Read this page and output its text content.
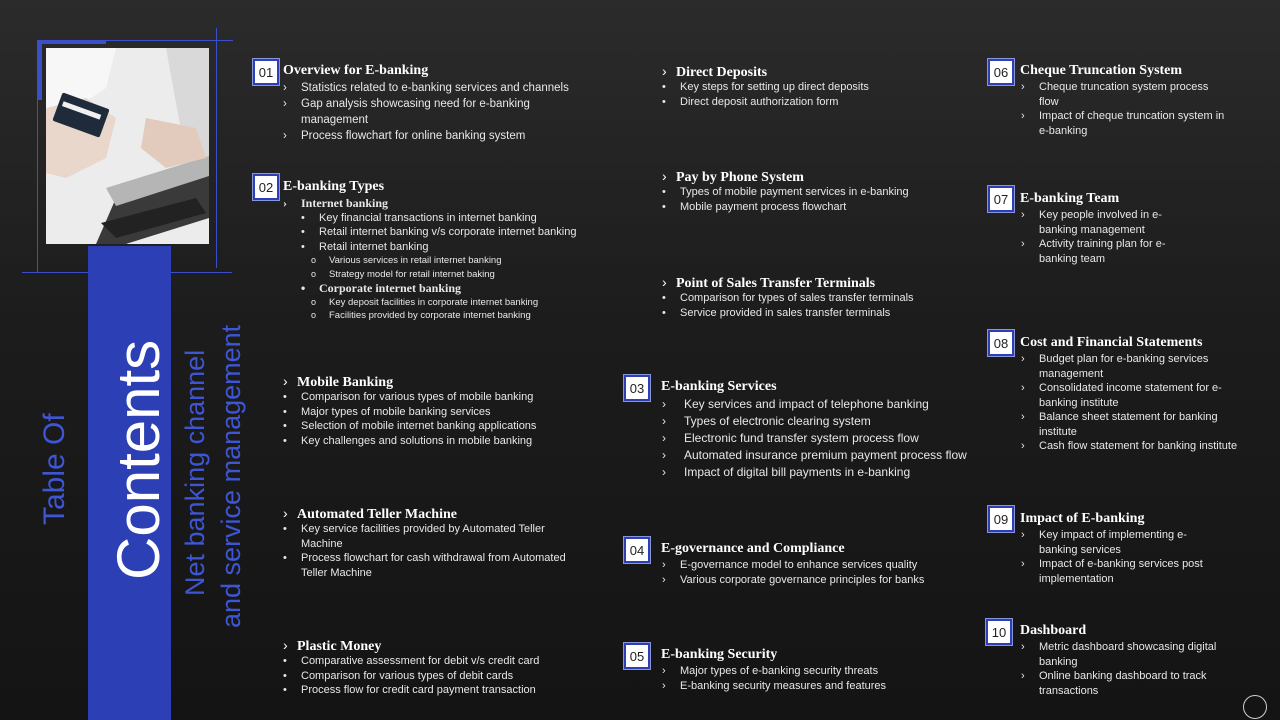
Table Of Contents Net banking channel and service management
01 Overview for E-banking
› Statistics related to e-banking services and channels
› Gap analysis showcasing need for e-banking management
› Process flowchart for online banking system
02 E-banking Types
› Internet banking
• Key financial transactions in internet banking
• Retail internet banking v/s corporate internet banking
• Retail internet banking
o Various services in retail internet banking
o Strategy model for retail internet baking
• Corporate internet banking
o Key deposit facilities in corporate internet banking
o Facilities provided by corporate internet banking
› Mobile Banking
• Comparison for various types of mobile banking
• Major types of mobile banking services
• Selection of mobile internet banking applications
• Key challenges and solutions in mobile banking
› Automated Teller Machine
• Key service facilities provided by Automated Teller Machine
• Process flowchart for cash withdrawal from Automated Teller Machine
› Plastic Money
• Comparative assessment for debit v/s credit card
• Comparison for various types of debit cards
• Process flow for credit card payment transaction
› Direct Deposits
• Key steps for setting up direct deposits
• Direct deposit authorization form
› Pay by Phone System
• Types of mobile payment services in e-banking
• Mobile payment process flowchart
› Point of Sales Transfer Terminals
• Comparison for types of sales transfer terminals
• Service provided in sales transfer terminals
03	E-banking Services
› Key services and impact of telephone banking
› Types of electronic clearing system
› Electronic fund transfer system process flow
› Automated insurance premium payment process flow
› Impact of digital bill payments in e-banking
04	E-governance and Compliance
› E-governance model to enhance services quality
› Various corporate governance principles for banks
05	E-banking Security
› Major types of e-banking security threats
› E-banking security measures and features
06 Cheque Truncation System
› Cheque truncation system process flow
› Impact of cheque truncation system in e-banking
07 E-banking Team
› Key people involved in e-banking management
› Activity training plan for e-banking team
08 Cost and Financial Statements
› Budget plan for e-banking services management
› Consolidated income statement for e-banking institute
› Balance sheet statement for banking institute
› Cash flow statement for banking institute
09 Impact of E-banking
› Key impact of implementing e-banking services
› Impact of e-banking services post implementation
10 Dashboard
› Metric dashboard showcasing digital banking
› Online banking dashboard to track transactions
